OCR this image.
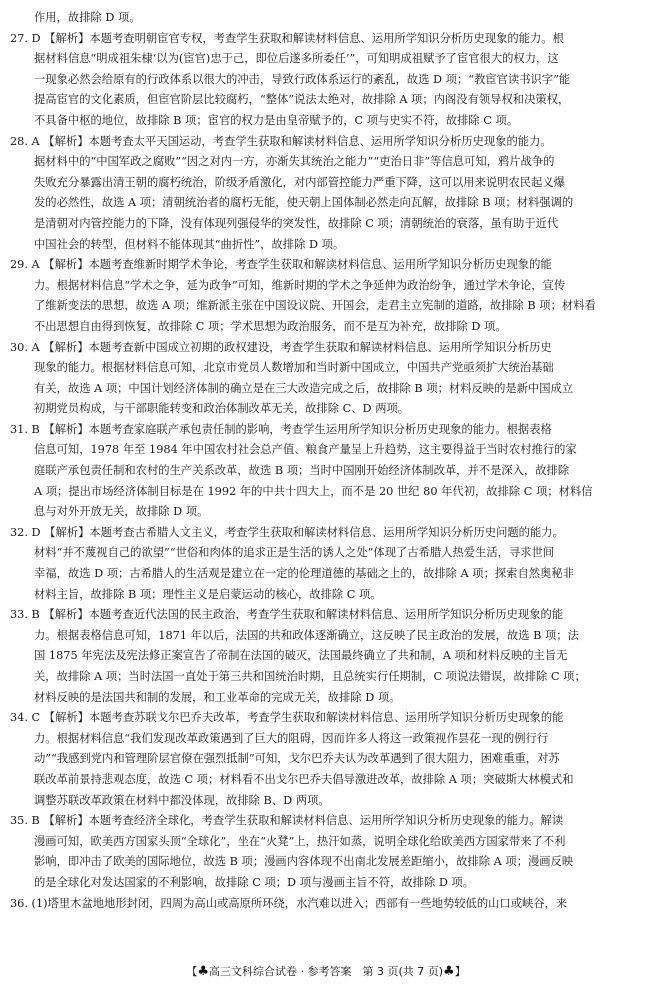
作用，故排除 D 项。
27. D 【解析】本题考查明朝宦官专权，考查学生获取和解读材料信息、运用所学知识分析历史现象的能力。根
据材料信息“明成祖朱棣‘以为(宦官)忠于己，即位后遂多所委任’”，可知明成祖赋予了宦官很大的权力，这
一现象必然会给原有的行政体系以很大的冲击，导致行政体系运行的紊乱，故选 D 项；“教宦官读书识字”能
提高宦官的文化素质，但宦官阶层比较腐朽，“整体”说法太绝对，故排除 A 项；内阁没有领导权和决策权，
不具备中枢的地位，故排除 B 项；宦官的权力是由皇帝赋予的，C 项与史实不符，故排除 C 项。
28. A 【解析】本题考查太平天国运动，考查学生获取和解读材料信息、运用所学知识分析历史现象的能力。
据材料中的“中国军政之腐败”“因之对内一方，亦渐失其统治之能力”“吏治日非”等信息可知，鸦片战争的
失败充分暴露出清王朝的腐朽统治，阶级矛盾激化，对内部管控能力严重下降，这可以用来说明农民起义爆
发的必然性，故选 A 项；清朝统治者的腐朽无能，使天朝上国体制必然走向瓦解，故排除 B 项；材料强调的
是清朝对内管控能力的下降，没有体现列强侵华的突发性，故排除 C 项；清朝统治的衰落，虽有助于近代
中国社会的转型，但材料不能体现其“曲折性”，故排除 D 项。
29. A 【解析】本题考查维新时期学术争论，考查学生获取和解读材料信息、运用所学知识分析历史现象的能
力。根据材料信息“学术之争，延为政争”可知，维新时期的学术之争延伸为政治纷争，通过学术争论，宣传
了维新变法的思想，故选 A 项；维新派主张在中国设议院、开国会，走君主立宪制的道路，故排除 B 项；材料看
不出思想自由得到恢复，故排除 C 项；学术思想为政治服务，而不是互为补充，故排除 D 项。
30. A 【解析】本题考查新中国成立初期的政权建设，考查学生获取和解读材料信息、运用所学知识分析历史
现象的能力。根据材料信息可知，北京市党员人数增加和当时新中国成立，中国共产党亟须扩大统治基础
有关，故选 A 项；中国计划经济体制的确立是在三大改造完成之后，故排除 B 项；材料反映的是新中国成立
初期党员构成，与干部职能转变和政治体制改革无关，故排除 C、D 两项。
31. B 【解析】本题考查家庭联产承包责任制的影响，考查学生运用所学知识分析历史现象的能力。根据表格
信息可知，1978 年至 1984 年中国农村社会总产值、粮食产量呈上升趋势，这主要得益于当时农村推行的家
庭联产承包责任制和农村的生产关系改革，故选 B 项；当时中国刚开始经济体制改革，并不是深入，故排除
A 项；提出市场经济体制目标是在 1992 年的中共十四大上，而不是 20 世纪 80 年代初，故排除 C 项；材料信
息与对外开放无关，故排除 D 项。
32. D 【解析】本题考查古希腊人文主义，考查学生获取和解读材料信息、运用所学知识分析历史问题的能力。
材料“并不蔑视自己的欲望”“世俗和肉体的追求正是生活的诱人之处”体现了古希腊人热爱生活，寻求世间
幸福，故选 D 项；古希腊人的生活观是建立在一定的伦理道德的基础之上的，故排除 A 项；探索自然奥秘非
材料主旨，故排除 B 项；理性主义是启蒙运动的核心，故排除 C 项。
33. B 【解析】本题考查近代法国的民主政治，考查学生获取和解读材料信息、运用所学知识分析历史现象的能
力。根据表格信息可知，1871 年以后，法国的共和政体逐渐确立，这反映了民主政治的发展，故选 B 项；法
国 1875 年宪法及宪法修正案宣告了帝制在法国的破灭，法国最终确立了共和制，A 项和材料反映的主旨无
关，故排除 A 项；当时法国一直处于第三共和国统治时期，且总统实行任期制，C 项说法错误，故排除 C 项；
材料反映的是法国共和制的发展，和工业革命的完成无关，故排除 D 项。
34. C 【解析】本题考查苏联戈尔巴乔夫改革，考查学生获取和解读材料信息、运用所学知识分析历史现象的能
力。根据材料信息“我们发现改革政策遇到了巨大的阻碍，因而许多人将这一政策视作昙花一现的例行行
动”“我感到党内和管理阶层官僚在强烈抵制”可知，戈尔巴乔夫认为改革遇到了很大阻力，困难重重，对苏
联改革前景持悲观态度，故选 C 项；材料看不出戈尔巴乔夫倡导激进改革，故排除 A 项；突破斯大林模式和
调整苏联改革政策在材料中都没体现，故排除 B、D 两项。
35. B 【解析】本题考查经济全球化，考查学生获取和解读材料信息、运用所学知识分析历史现象的能力。解读
漫画可知，欧美西方国家头顶“全球化”，坐在“火凳”上，热汗如蒸，说明全球化给欧美西方国家带来了不利
影响，即冲击了欧美的国际地位，故选 B 项；漫画内容体现不出南北发展差距缩小，故排除 A 项；漫画反映
的是全球化对发达国家的不利影响，故排除 C 项；D 项与漫画主旨不符，故排除 D 项。
36. (1)塔里木盆地地形封闭，四周为高山或高原所环绕，水汽难以进入；西部有一些地势较低的山口或峡谷，来
【♣高三文科综合试卷 · 参考答案　第 3 页(共 7 页)♣】
